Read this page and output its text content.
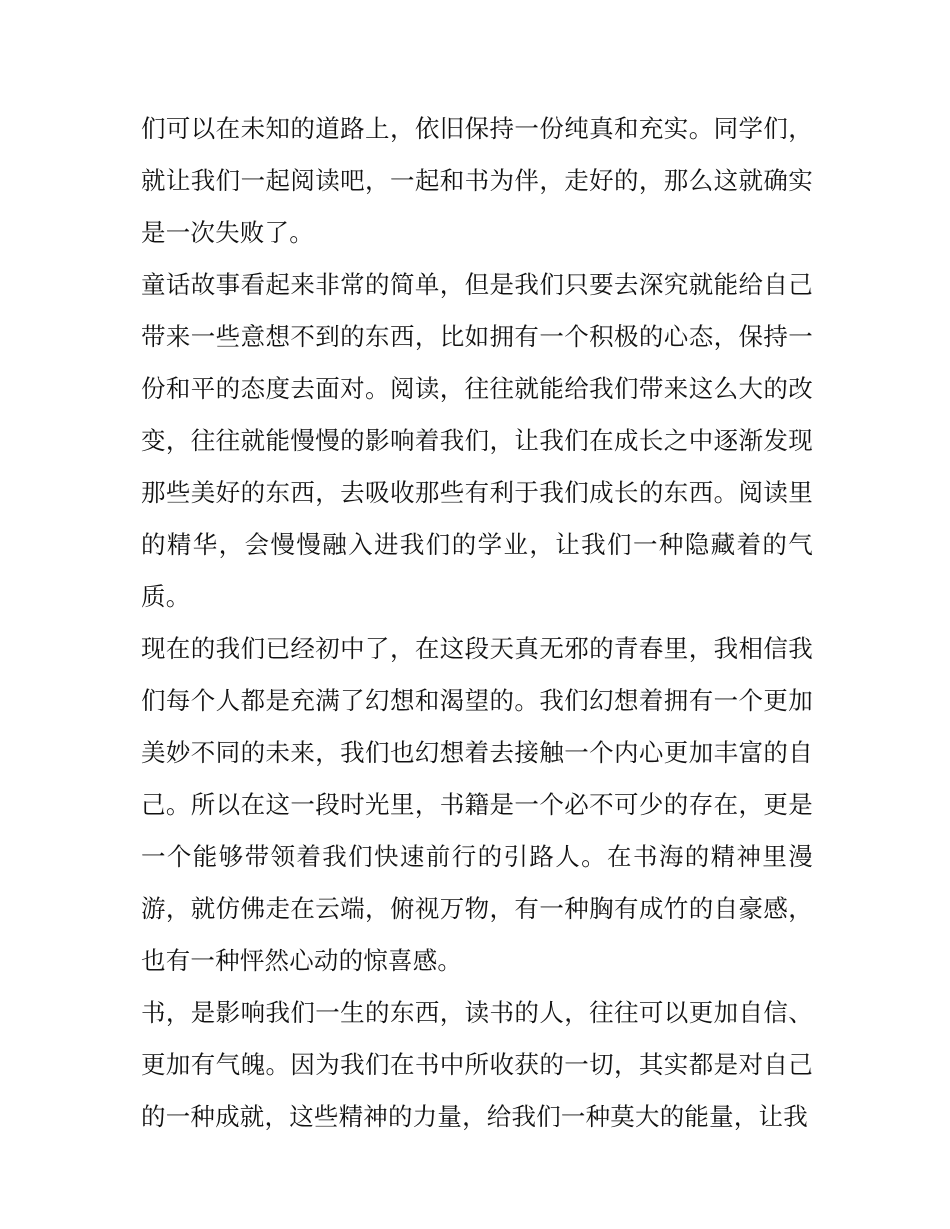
们可以在未知的道路上，依旧保持一份纯真和充实。同学们，就让我们一起阅读吧，一起和书为伴，走好的，那么这就确实是一次失败了。

童话故事看起来非常的简单，但是我们只要去深究就能给自己带来一些意想不到的东西，比如拥有一个积极的心态，保持一份和平的态度去面对。阅读，往往就能给我们带来这么大的改变，往往就能慢慢的影响着我们，让我们在成长之中逐渐发现那些美好的东西，去吸收那些有利于我们成长的东西。阅读里的精华，会慢慢融入进我们的学业，让我们一种隐藏着的气质。

现在的我们已经初中了，在这段天真无邪的青春里，我相信我们每个人都是充满了幻想和渴望的。我们幻想着拥有一个更加美妙不同的未来，我们也幻想着去接触一个内心更加丰富的自己。所以在这一段时光里，书籍是一个必不可少的存在，更是一个能够带领着我们快速前行的引路人。在书海的精神里漫游，就仿佛走在云端，俯视万物，有一种胸有成竹的自豪感，也有一种怦然心动的惊喜感。

书，是影响我们一生的东西，读书的人，往往可以更加自信、更加有气魄。因为我们在书中所收获的一切，其实都是对自己的一种成就，这些精神的力量，给我们一种莫大的能量，让我
